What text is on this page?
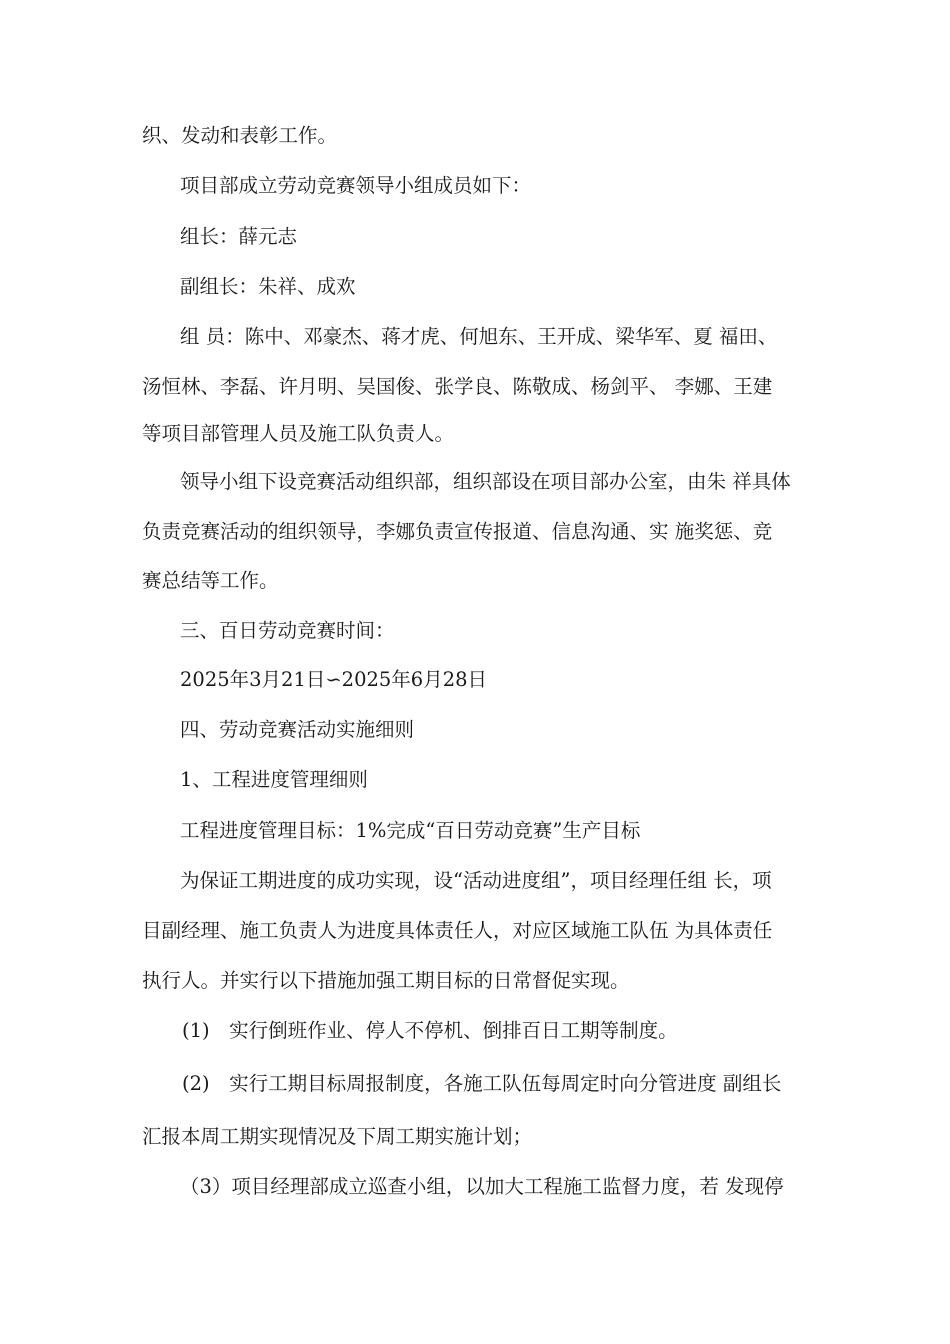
织、发动和表彰工作。
项目部成立劳动竞赛领导小组成员如下：
组长：薛元志
副组长：朱祥、成欢
组 员：陈中、邓豪杰、蒋才虎、何旭东、王开成、梁华军、夏 福田、
汤恒林、李磊、许月明、吴国俊、张学良、陈敬成、杨剑平、 李娜、王建
等项目部管理人员及施工队负责人。
领导小组下设竞赛活动组织部，组织部设在项目部办公室，由朱 祥具体
负责竞赛活动的组织领导，李娜负责宣传报道、信息沟通、实 施奖惩、竞
赛总结等工作。
三、百日劳动竞赛时间：
2025年3月21日∽2025年6月28日
四、劳动竞赛活动实施细则
1、工程进度管理细则
工程进度管理目标：1%完成“百日劳动竞赛”生产目标
为保证工期进度的成功实现，设“活动进度组”，项目经理任组 长，项
目副经理、施工负责人为进度具体责任人，对应区域施工队伍 为具体责任
执行人。并实行以下措施加强工期目标的日常督促实现。
(1)　实行倒班作业、停人不停机、倒排百日工期等制度。
(2)　实行工期目标周报制度，各施工队伍每周定时向分管进度 副组长
汇报本周工期实现情况及下周工期实施计划；
（3）项目经理部成立巡查小组，以加大工程施工监督力度，若 发现停
